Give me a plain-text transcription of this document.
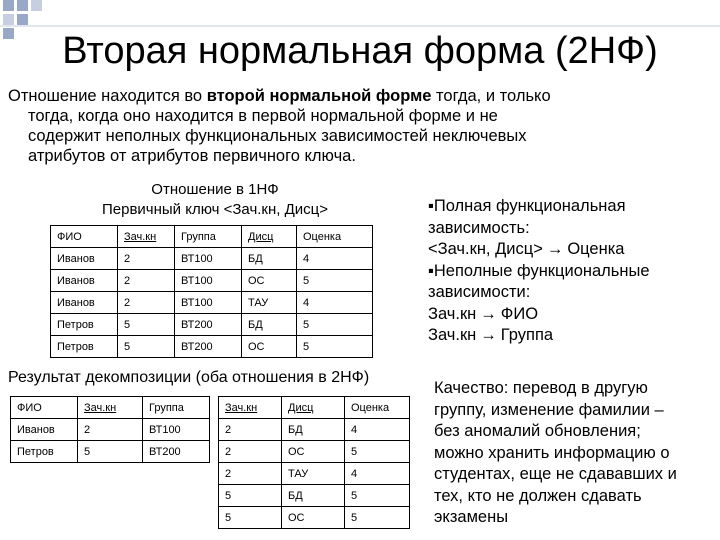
Вторая нормальная форма (2НФ)
Отношение находится во второй нормальной форме тогда, и только
тогда, когда оно находится в первой нормальной форме и не
содержит неполных функциональных зависимостей неключевых
атрибутов от атрибутов первичного ключа.
Отношение в 1НФ
Первичный ключ <Зач.кн, Дисц>
ФИО	Зач.кн	Группа	Дисц	Оценка
Иванов	2	ВТ100	БД	4
Иванов	2	ВТ100	ОС	5
Иванов	2	ВТ100	ТАУ	4
Петров	5	ВТ200	БД	5
Петров	5	ВТ200	ОС	5
▪Полная функциональная
зависимость:
<Зач.кн, Дисц> → Оценка
▪Неполные функциональные
зависимости:
Зач.кн → ФИО
Зач.кн → Группа
Результат декомпозиции (оба отношения в 2НФ)
ФИО	Зач.кн	Группа
Иванов	2	ВТ100
Петров	5	ВТ200
Зач.кн	Дисц	Оценка
2	БД	4
2	ОС	5
2	ТАУ	4
5	БД	5
5	ОС	5
Качество: перевод в другую
группу, изменение фамилии –
без аномалий обновления;
можно хранить информацию о
студентах, еще не сдававших и
тех, кто не должен сдавать
экзамены
